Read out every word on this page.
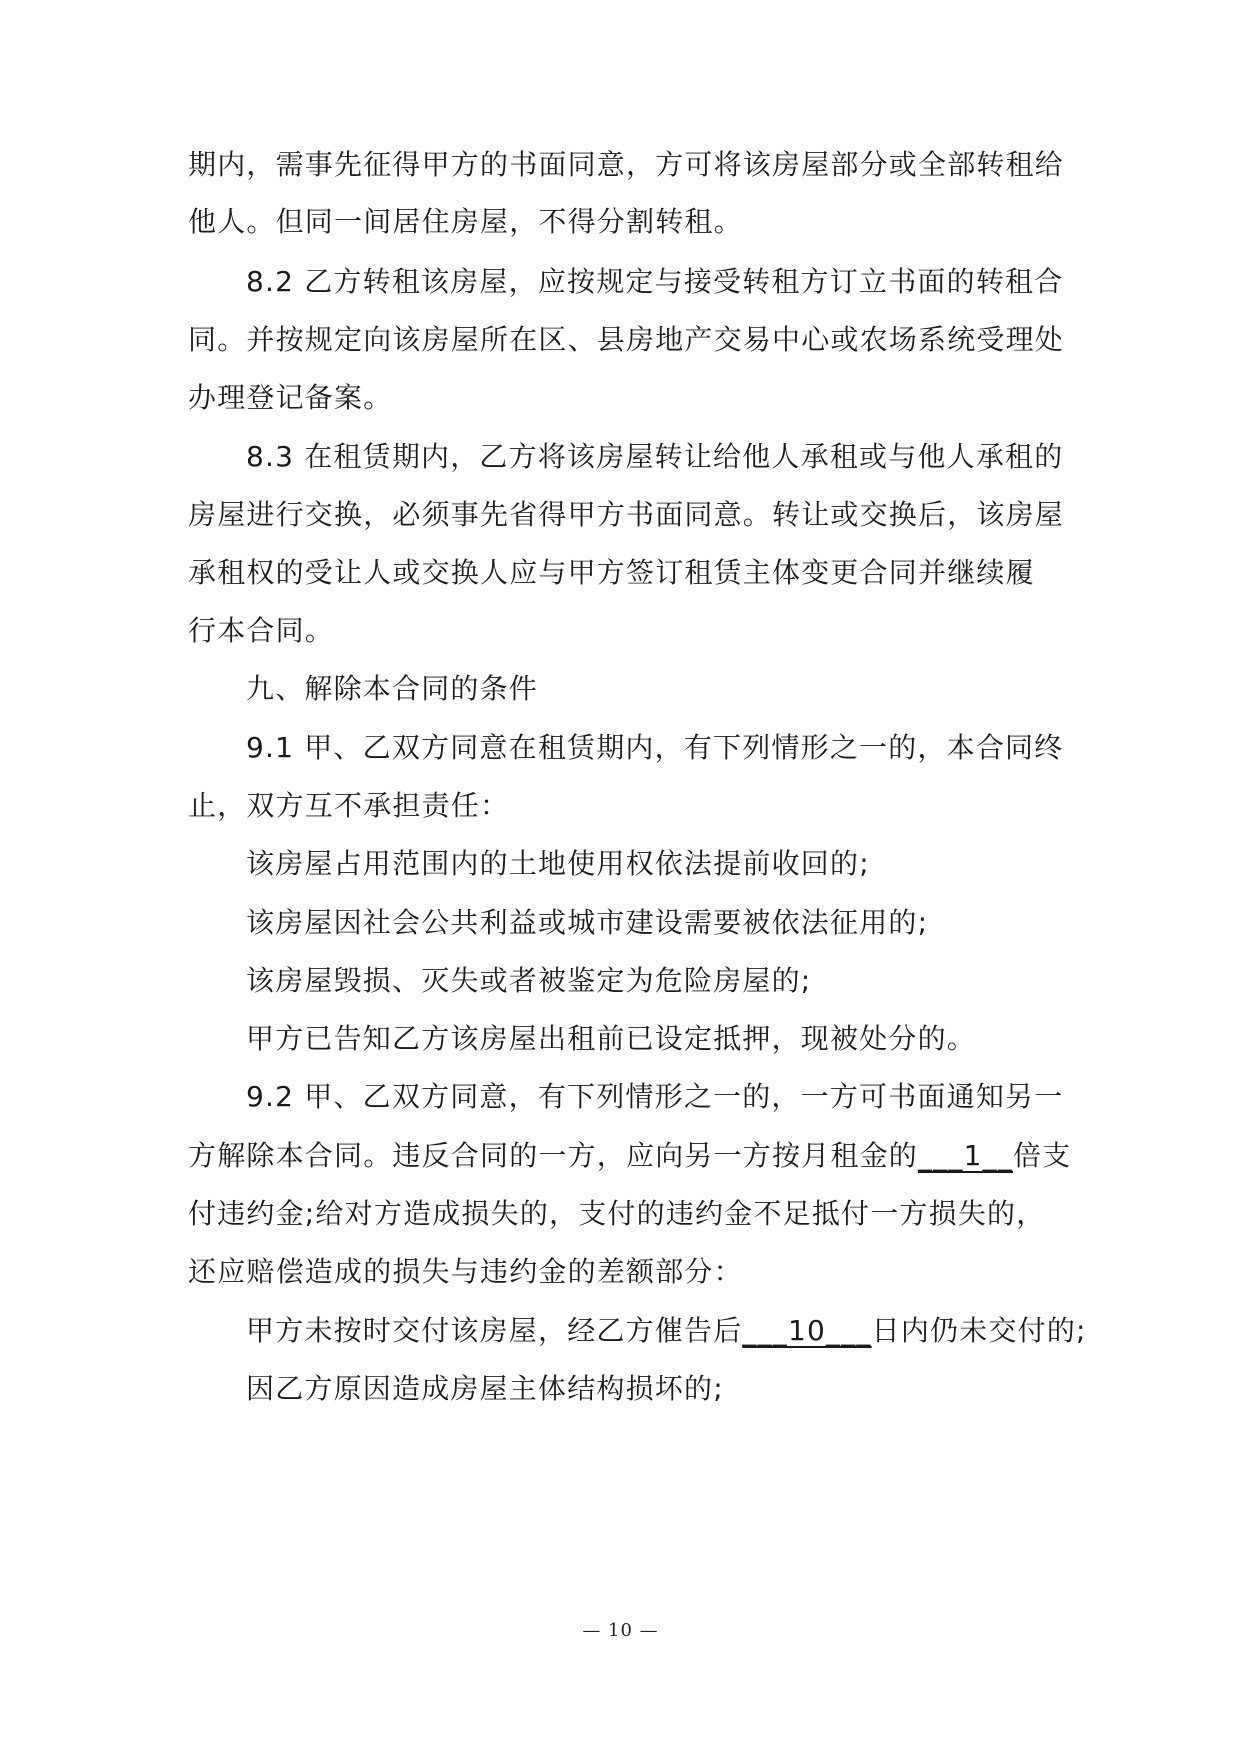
期内，需事先征得甲方的书面同意，方可将该房屋部分或全部转租给
他人。但同一间居住房屋，不得分割转租。
8.2 乙方转租该房屋，应按规定与接受转租方订立书面的转租合
同。并按规定向该房屋所在区、县房地产交易中心或农场系统受理处
办理登记备案。
8.3 在租赁期内，乙方将该房屋转让给他人承租或与他人承租的
房屋进行交换，必须事先省得甲方书面同意。转让或交换后，该房屋
承租权的受让人或交换人应与甲方签订租赁主体变更合同并继续履
行本合同。
九、解除本合同的条件
9.1 甲、乙双方同意在租赁期内，有下列情形之一的，本合同终
止，双方互不承担责任：
该房屋占用范围内的土地使用权依法提前收回的;
该房屋因社会公共利益或城市建设需要被依法征用的;
该房屋毁损、灭失或者被鉴定为危险房屋的;
甲方已告知乙方该房屋出租前已设定抵押，现被处分的。
9.2 甲、乙双方同意，有下列情形之一的，一方可书面通知另一
方解除本合同。违反合同的一方，应向另一方按月租金的___1__倍支
付违约金;给对方造成损失的，支付的违约金不足抵付一方损失的，
还应赔偿造成的损失与违约金的差额部分：
甲方未按时交付该房屋，经乙方催告后___10___日内仍未交付的;
因乙方原因造成房屋主体结构损坏的;
— 10 —
